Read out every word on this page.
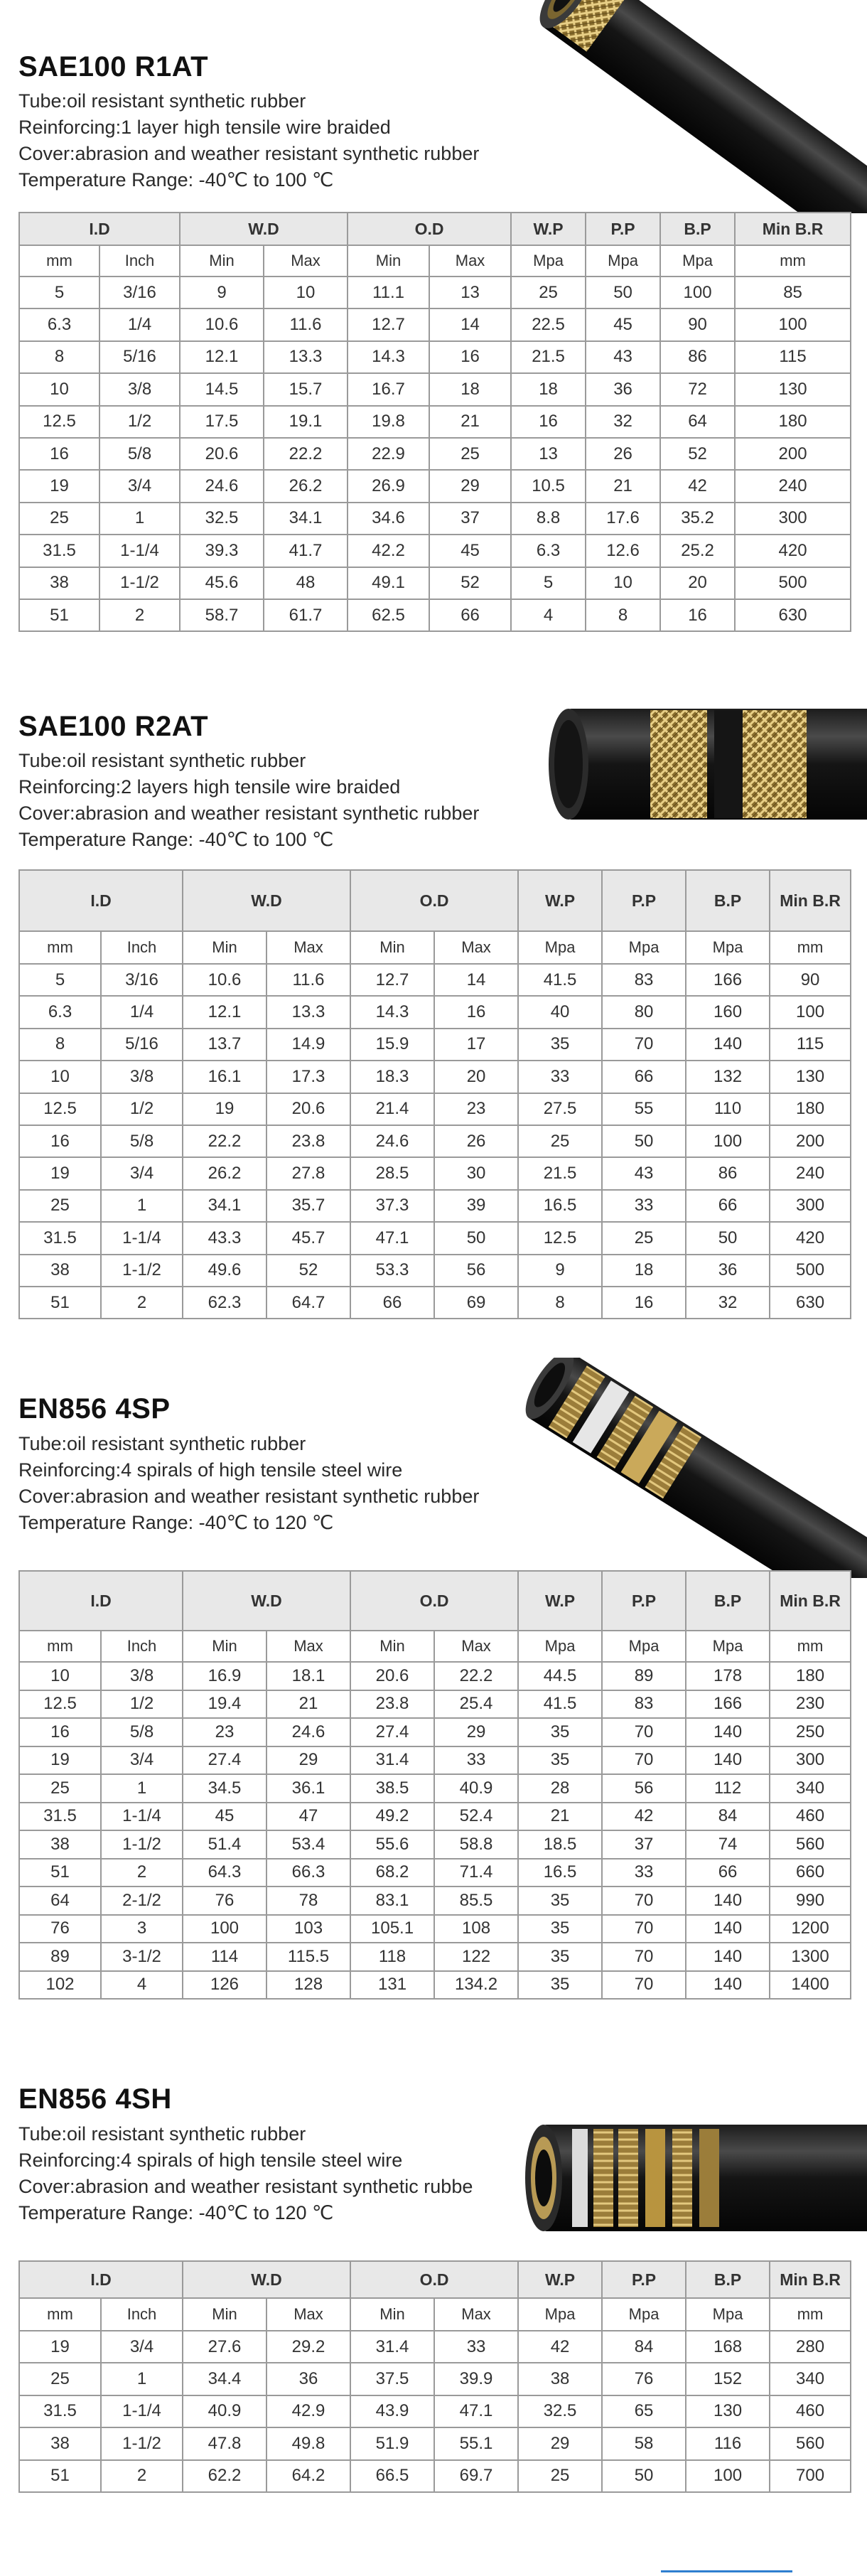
SAE100 R1AT
Tube:oil resistant synthetic rubber
Reinforcing:1 layer high tensile wire braided
Cover:abrasion and weather resistant synthetic rubber
Temperature Range: -40℃ to 100 ℃
I.D		W.D		O.D		W.P	P.P	B.P	Min B.R
mm	Inch	Min	Max	Min	Max	Mpa	Mpa	Mpa	mm
5	3/16	9	10	11.1	13	25	50	100	85
6.3	1/4	10.6	11.6	12.7	14	22.5	45	90	100
8	5/16	12.1	13.3	14.3	16	21.5	43	86	115
10	3/8	14.5	15.7	16.7	18	18	36	72	130
12.5	1/2	17.5	19.1	19.8	21	16	32	64	180
16	5/8	20.6	22.2	22.9	25	13	26	52	200
19	3/4	24.6	26.2	26.9	29	10.5	21	42	240
25	1	32.5	34.1	34.6	37	8.8	17.6	35.2	300
31.5	1-1/4	39.3	41.7	42.2	45	6.3	12.6	25.2	420
38	1-1/2	45.6	48	49.1	52	5	10	20	500
51	2	58.7	61.7	62.5	66	4	8	16	630
SAE100 R2AT
Tube:oil resistant synthetic rubber
Reinforcing:2 layers high tensile wire braided
Cover:abrasion and weather resistant synthetic rubber
Temperature Range: -40℃ to 100 ℃
I.D		W.D		O.D		W.P	P.P	B.P	Min B.R
mm	Inch	Min	Max	Min	Max	Mpa	Mpa	Mpa	mm
5	3/16	10.6	11.6	12.7	14	41.5	83	166	90
6.3	1/4	12.1	13.3	14.3	16	40	80	160	100
8	5/16	13.7	14.9	15.9	17	35	70	140	115
10	3/8	16.1	17.3	18.3	20	33	66	132	130
12.5	1/2	19	20.6	21.4	23	27.5	55	110	180
16	5/8	22.2	23.8	24.6	26	25	50	100	200
19	3/4	26.2	27.8	28.5	30	21.5	43	86	240
25	1	34.1	35.7	37.3	39	16.5	33	66	300
31.5	1-1/4	43.3	45.7	47.1	50	12.5	25	50	420
38	1-1/2	49.6	52	53.3	56	9	18	36	500
51	2	62.3	64.7	66	69	8	16	32	630
EN856 4SP
Tube:oil resistant synthetic rubber
Reinforcing:4 spirals of high tensile steel wire
Cover:abrasion and weather resistant synthetic rubber
Temperature Range: -40℃ to 120 ℃
I.D		W.D		O.D		W.P	P.P	B.P	Min B.R
mm	Inch	Min	Max	Min	Max	Mpa	Mpa	Mpa	mm
10	3/8	16.9	18.1	20.6	22.2	44.5	89	178	180
12.5	1/2	19.4	21	23.8	25.4	41.5	83	166	230
16	5/8	23	24.6	27.4	29	35	70	140	250
19	3/4	27.4	29	31.4	33	35	70	140	300
25	1	34.5	36.1	38.5	40.9	28	56	112	340
31.5	1-1/4	45	47	49.2	52.4	21	42	84	460
38	1-1/2	51.4	53.4	55.6	58.8	18.5	37	74	560
51	2	64.3	66.3	68.2	71.4	16.5	33	66	660
64	2-1/2	76	78	83.1	85.5	35	70	140	990
76	3	100	103	105.1	108	35	70	140	1200
89	3-1/2	114	115.5	118	122	35	70	140	1300
102	4	126	128	131	134.2	35	70	140	1400
EN856 4SH
Tube:oil resistant synthetic rubber
Reinforcing:4 spirals of high tensile steel wire
Cover:abrasion and weather resistant synthetic rubbe
Temperature Range: -40℃ to 120 ℃
I.D		W.D		O.D		W.P	P.P	B.P	Min B.R
mm	Inch	Min	Max	Min	Max	Mpa	Mpa	Mpa	mm
19	3/4	27.6	29.2	31.4	33	42	84	168	280
25	1	34.4	36	37.5	39.9	38	76	152	340
31.5	1-1/4	40.9	42.9	43.9	47.1	32.5	65	130	460
38	1-1/2	47.8	49.8	51.9	55.1	29	58	116	560
51	2	62.2	64.2	66.5	69.7	25	50	100	700
